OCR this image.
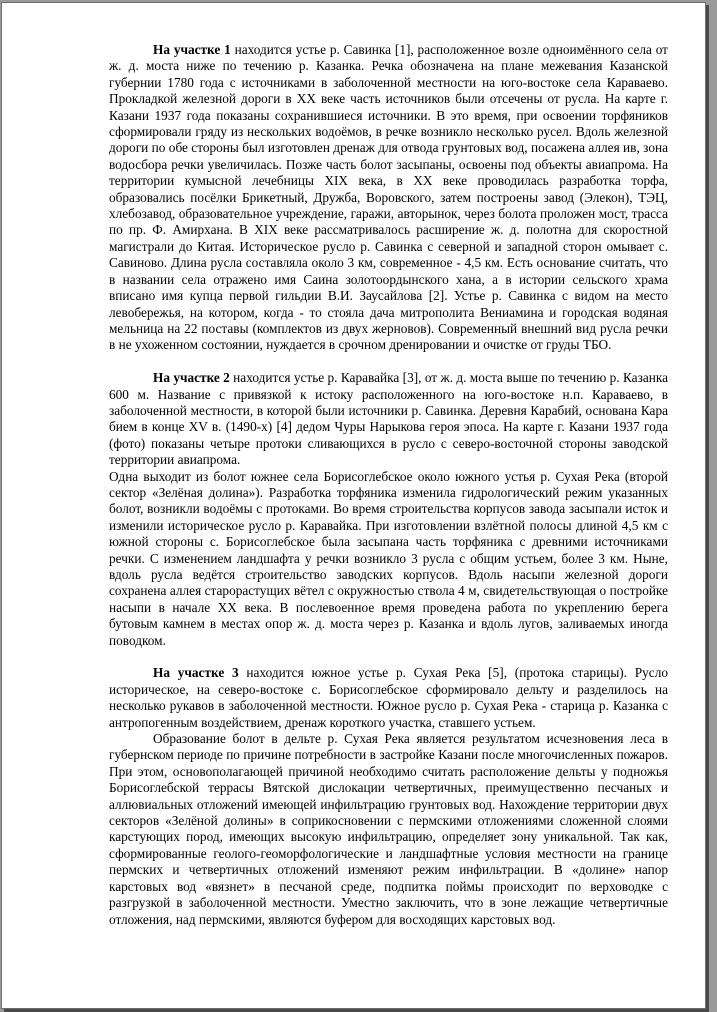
На участке 1 находится устье р. Савинка [1], расположенное возле одноимённого села от ж. д. моста ниже по течению р. Казанка. Речка обозначена на плане межевания Казанской губернии 1780 года с источниками в заболоченной местности на юго-востоке села Караваево. Прокладкой железной дороги в XX веке часть источников были отсечены от русла. На карте г. Казани 1937 года показаны сохранившиеся источники. В это время, при освоении торфяников сформировали гряду из нескольких водоёмов, в речке возникло несколько русел. Вдоль железной дороги по обе стороны был изготовлен дренаж для отвода грунтовых вод, посажена аллея ив, зона водосбора речки увеличилась. Позже часть болот засыпаны, освоены под объекты авиапрома. На территории кумысной лечебницы XIX века, в XX веке проводилась разработка торфа, образовались посёлки Брикетный, Дружба, Воровского, затем построены завод (Элекон), ТЭЦ, хлебозавод, образовательное учреждение, гаражи, авторынок, через болота проложен мост, трасса по пр. Ф. Амирхана. В XIX веке рассматривалось расширение ж. д. полотна для скоростной магистрали до Китая. Историческое русло р. Савинка с северной и западной сторон омывает с. Савиново. Длина русла составляла около 3 км, современное - 4,5 км. Есть основание считать, что в названии села отражено имя Саина золотоордынского хана, а в истории сельского храма вписано имя купца первой гильдии В.И. Заусайлова [2]. Устье р. Савинка с видом на место левобережья, на котором, когда - то стояла дача митрополита Вениамина и городская водяная мельница на 22 поставы (комплектов из двух жерновов). Современный внешний вид русла речки в не ухоженном состоянии, нуждается в срочном дренировании и очистке от груды ТБО.

На участке 2 находится устье р. Каравайка [3], от ж. д. моста выше по течению р. Казанка 600 м. Название с привязкой к истоку расположенного на юго-востоке н.п. Караваево, в заболоченной местности, в которой были источники р. Савинка. Деревня Карабий, основана Кара бием в конце XV в. (1490-х) [4] дедом Чуры Нарыкова героя эпоса. На карте г. Казани 1937 года (фото) показаны четыре протоки сливающихся в русло с северо-восточной стороны заводской территории авиапрома.

Одна выходит из болот южнее села Борисоглебское около южного устья р. Сухая Река (второй сектор «Зелёная долина»). Разработка торфяника изменила гидрологический режим указанных болот, возникли водоёмы с протоками. Во время строительства корпусов завода засыпали исток и изменили историческое русло р. Каравайка. При изготовлении взлётной полосы длиной 4,5 км с южной стороны с. Борисоглебское была засыпана часть торфяника с древними источниками речки. С изменением ландшафта у речки возникло 3 русла с общим устьем, более 3 км. Ныне, вдоль русла ведётся строительство заводских корпусов. Вдоль насыпи железной дороги сохранена аллея старорастущих вётел с окружностью ствола 4 м, свидетельствующая о постройке насыпи в начале XX века. В послевоенное время проведена работа по укреплению берега бутовым камнем в местах опор ж. д. моста через р. Казанка и вдоль лугов, заливаемых иногда поводком.

На участке 3 находится южное устье р. Сухая Река [5], (протока старицы). Русло историческое, на северо-востоке с. Борисоглебское сформировало дельту и разделилось на несколько рукавов в заболоченной местности. Южное русло р. Сухая Река - старица р. Казанка с антропогенным воздействием, дренаж короткого участка, ставшего устьем.

Образование болот в дельте р. Сухая Река является результатом исчезновения леса в губернском периоде по причине потребности в застройке Казани после многочисленных пожаров. При этом, основополагающей причиной необходимо считать расположение дельты у подножья Борисоглебской террасы Вятской дислокации четвертичных, преимущественно песчаных и аллювиальных отложений имеющей инфильтрацию грунтовых вод. Нахождение территории двух секторов «Зелёной долины» в соприкосновении с пермскими отложениями сложенной слоями карстующих пород, имеющих высокую инфильтрацию, определяет зону уникальной. Так как, сформированные геолого-геоморфологические и ландшафтные условия местности на границе пермских и четвертичных отложений изменяют режим инфильтрации. В «долине» напор карстовых вод «вязнет» в песчаной среде, подпитка поймы происходит по верховодке с разгрузкой в заболоченной местности. Уместно заключить, что в зоне лежащие четвертичные отложения, над пермскими, являются буфером для восходящих карстовых вод.
